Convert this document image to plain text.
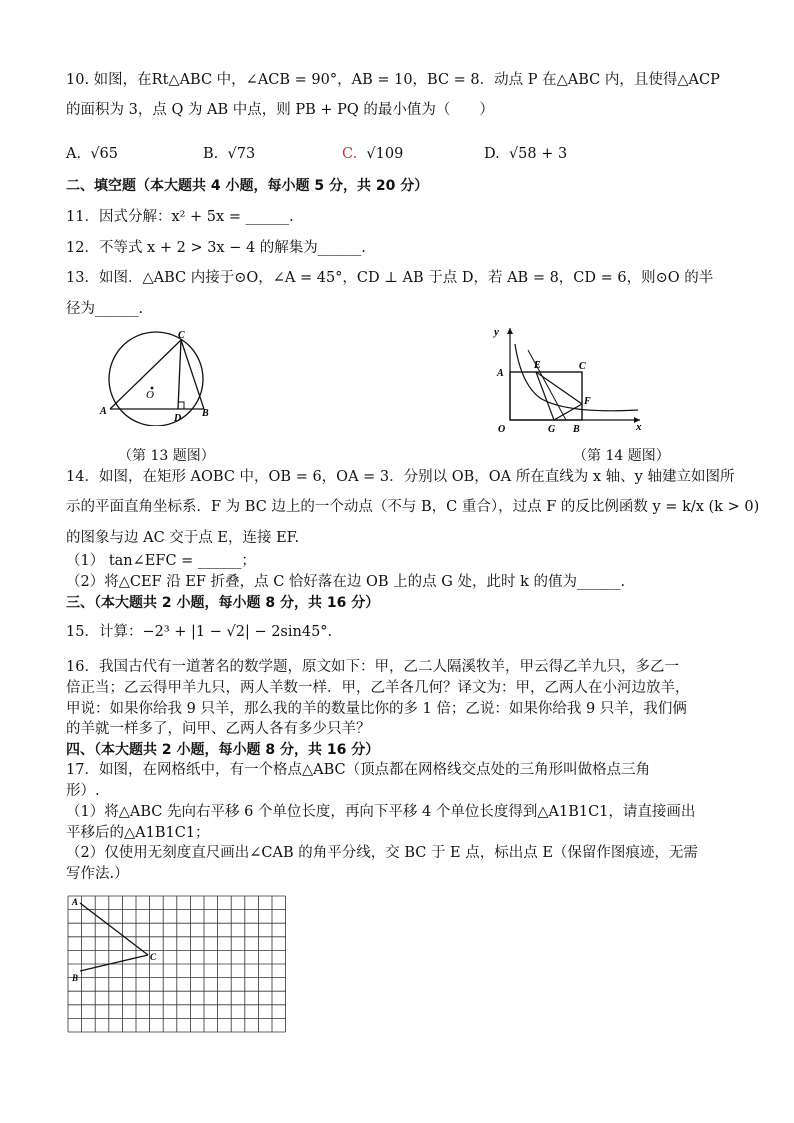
10. 如图，在Rt△ABC 中，∠ACB = 90°，AB = 10，BC = 8．动点 P 在△ABC 内，且使得△ACP
的面积为 3，点 Q 为 AB 中点，则 PB + PQ 的最小值为（　　）
A. √65	B. √73	C. √109	D. √58 + 3
二、填空题（本大题共 4 小题，每小题 5 分，共 20 分）
11．因式分解：x² + 5x = ______.
12．不等式 x + 2 > 3x − 4 的解集为______.
13．如图．△ABC 内接于⊙O，∠A = 45°，CD ⊥ AB 于点 D，若 AB = 8，CD = 6，则⊙O 的半
径为______.
O
A	B
C
D
（第 13 题图）
y
x
O
A
E	C
F
G B
（第 14 题图）
14．如图，在矩形 AOBC 中，OB = 6，OA = 3．分别以 OB，OA 所在直线为 x 轴、y 轴建立如图所
示的平面直角坐标系．F 为 BC 边上的一个动点（不与 B，C 重合），过点 F 的反比例函数 y = k/x (k > 0)
的图象与边 AC 交于点 E，连接 EF.
（1） tan∠EFC = ______；
（2）将△CEF 沿 EF 折叠，点 C 恰好落在边 OB 上的点 G 处，此时 k 的值为______.
三、（本大题共 2 小题，每小题 8 分，共 16 分）
15．计算：−2³ + |1 − √2| − 2sin45°.
16．我国古代有一道著名的数学题，原文如下：甲，乙二人隔溪牧羊，甲云得乙羊九只，多乙一
倍正当；乙云得甲羊九只，两人羊数一样．甲，乙羊各几何？译文为：甲，乙两人在小河边放羊，
甲说：如果你给我 9 只羊，那么我的羊的数量比你的多 1 倍；乙说：如果你给我 9 只羊，我们俩
的羊就一样多了，问甲、乙两人各有多少只羊？
四、（本大题共 2 小题，每小题 8 分，共 16 分）
17．如图，在网格纸中，有一个格点△ABC（顶点都在网格线交点处的三角形叫做格点三角
形）.
（1）将△ABC 先向右平移 6 个单位长度，再向下平移 4 个单位长度得到△A1B1C1，请直接画出
平移后的△A1B1C1；
（2）仅使用无刻度直尺画出∠CAB 的角平分线，交 BC 于 E 点，标出点 E（保留作图痕迹，无需
写作法.）
A
B
C
